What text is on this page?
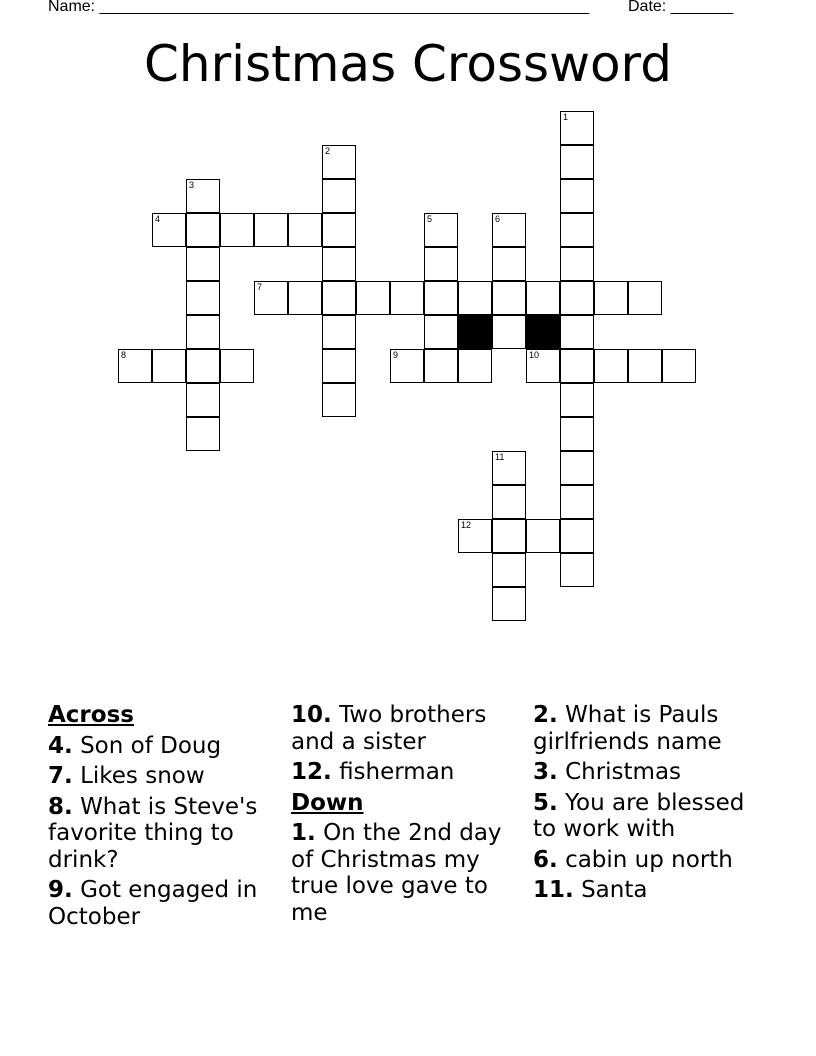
Name: _______________________________________________________ Date: _______
Christmas Crossword
1
2
3
4	5	6
7
8	9	10
11
12
Across
4. Son of Doug
7. Likes snow
8. What is Steve's favorite thing to drink?
9. Got engaged in October
10. Two brothers and a sister
12. fisherman
Down
1. On the 2nd day of Christmas my true love gave to me
2. What is Pauls girlfriends name
3. Christmas
5. You are blessed to work with
6. cabin up north
11. Santa
